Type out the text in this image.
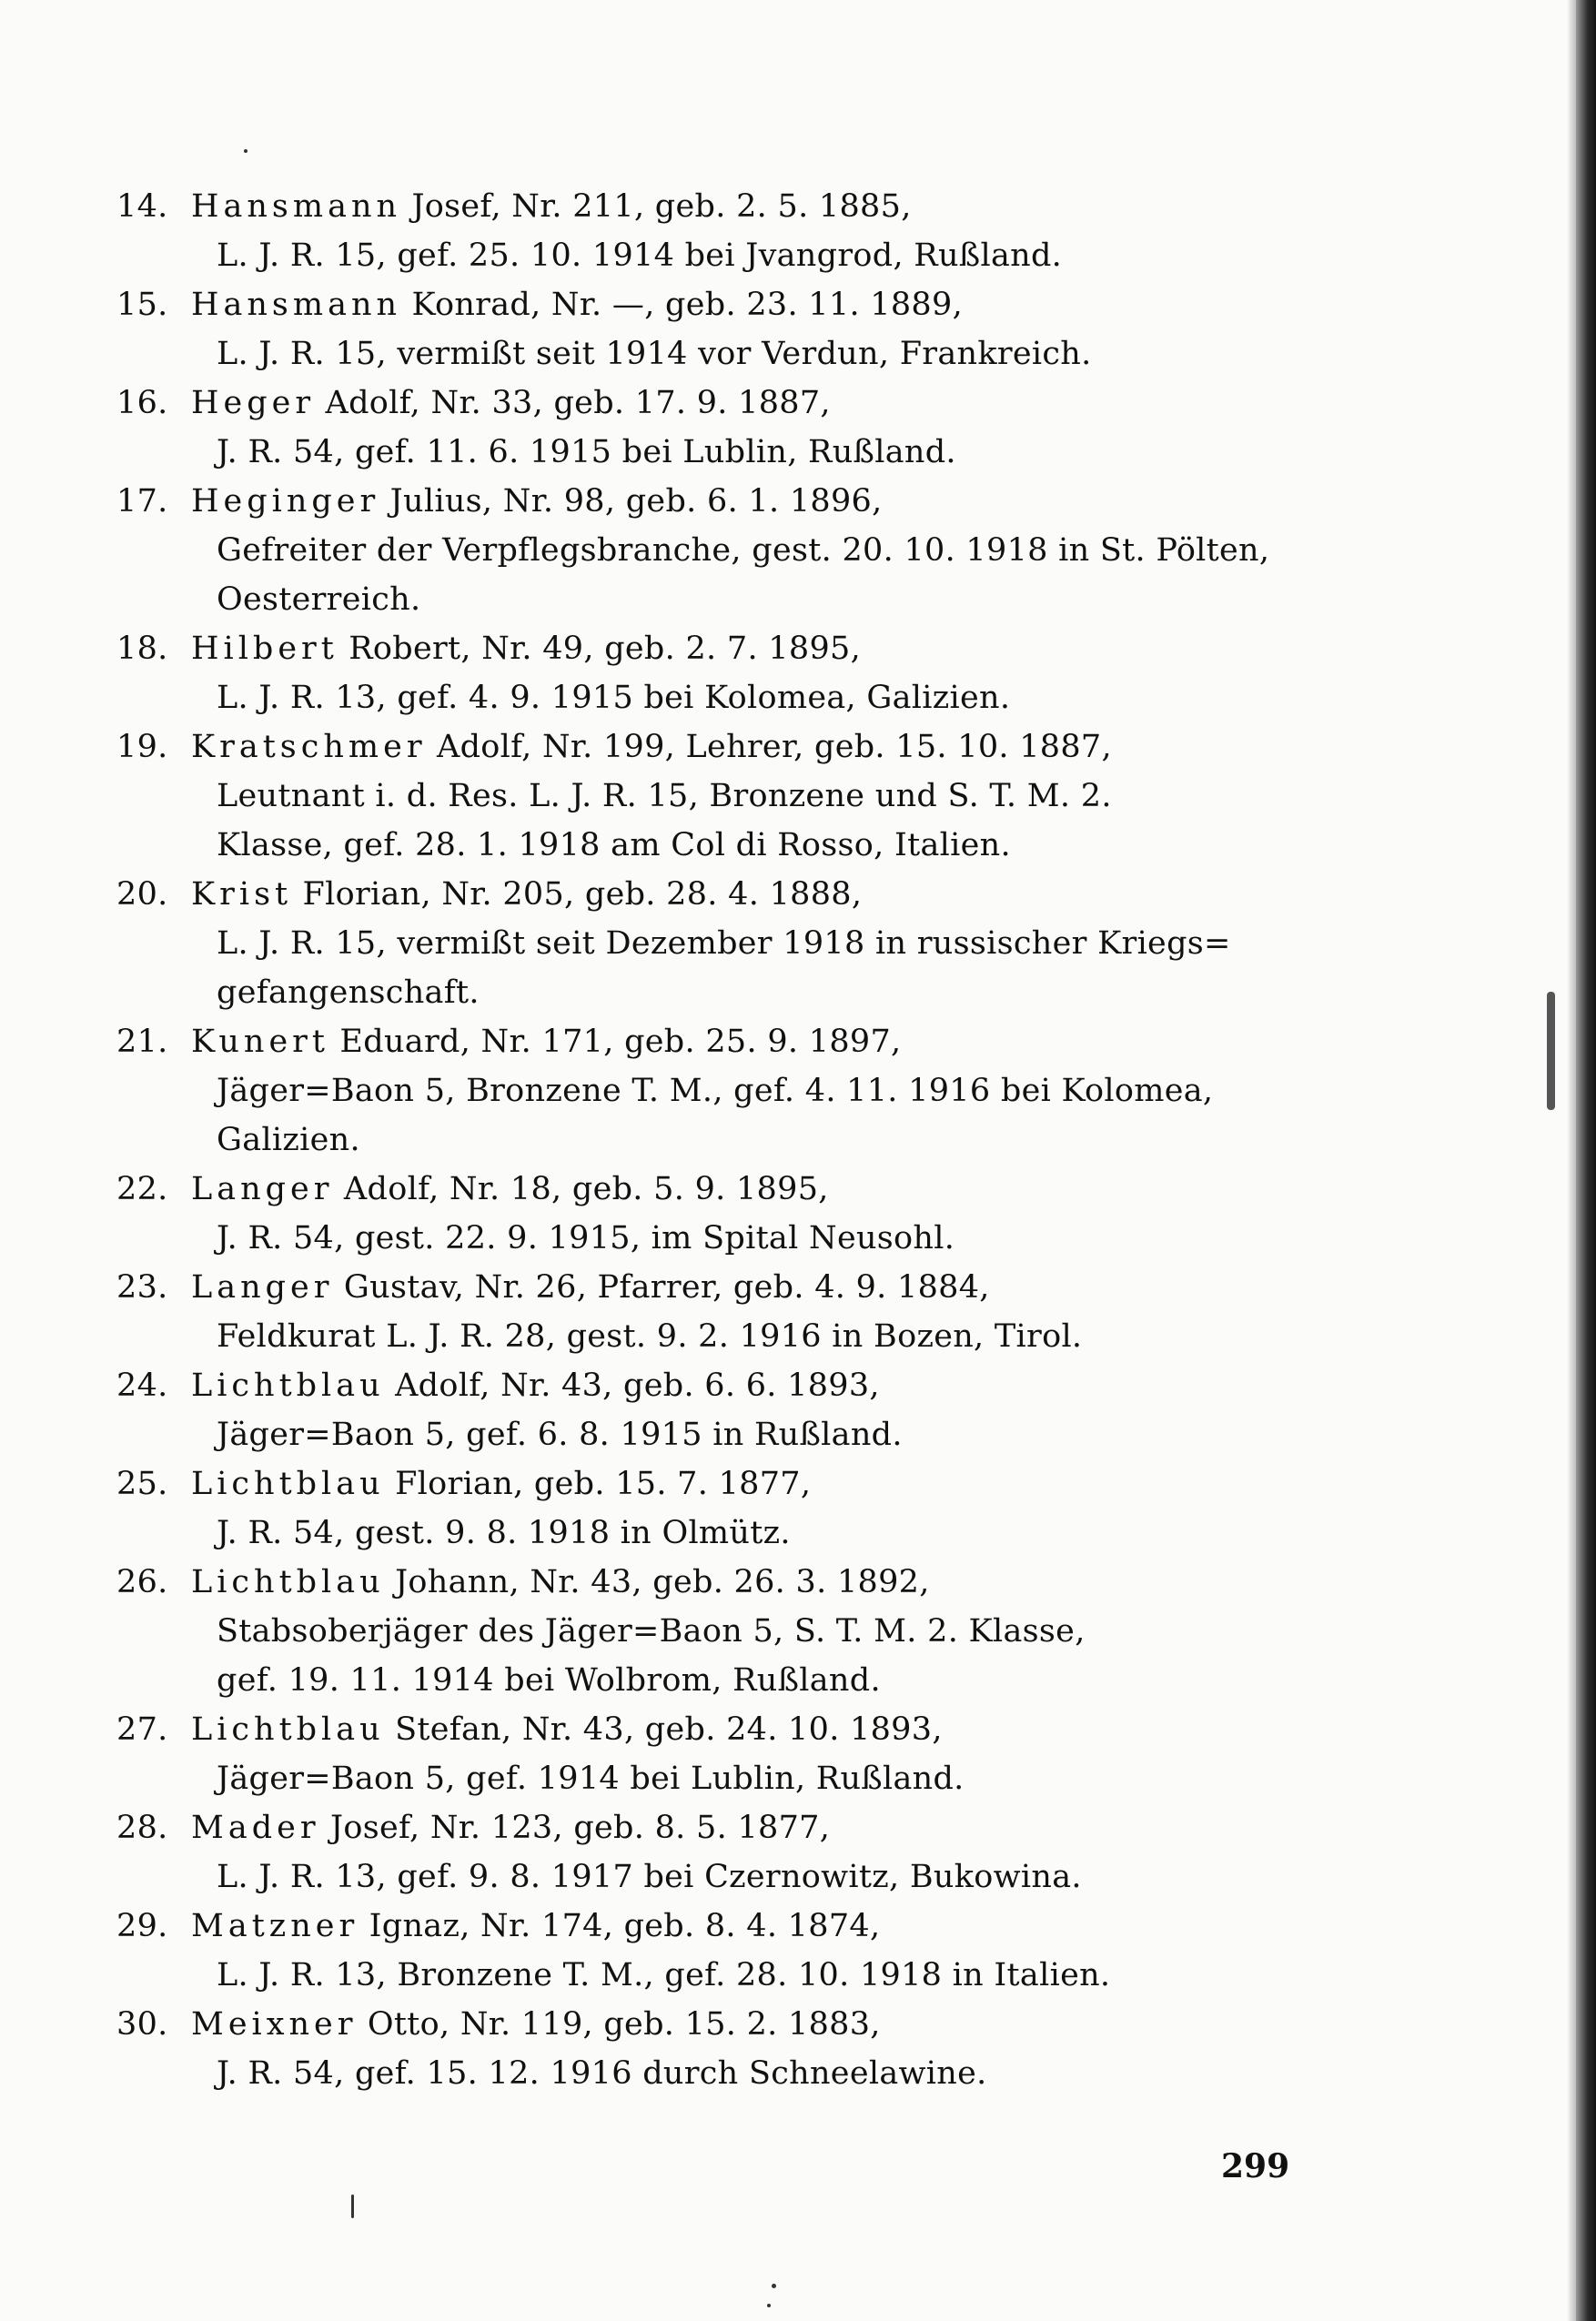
14. Hansmann Josef, Nr. 211, geb. 2. 5. 1885,
L. J. R. 15, gef. 25. 10. 1914 bei Jvangrod, Rußland.
15. Hansmann Konrad, Nr. —, geb. 23. 11. 1889,
L. J. R. 15, vermißt seit 1914 vor Verdun, Frankreich.
16. Heger Adolf, Nr. 33, geb. 17. 9. 1887,
J. R. 54, gef. 11. 6. 1915 bei Lublin, Rußland.
17. Heginger Julius, Nr. 98, geb. 6. 1. 1896,
Gefreiter der Verpflegsbranche, gest. 20. 10. 1918 in St. Pölten,
Oesterreich.
18. Hilbert Robert, Nr. 49, geb. 2. 7. 1895,
L. J. R. 13, gef. 4. 9. 1915 bei Kolomea, Galizien.
19. Kratschmer Adolf, Nr. 199, Lehrer, geb. 15. 10. 1887,
Leutnant i. d. Res. L. J. R. 15, Bronzene und S. T. M. 2.
Klasse, gef. 28. 1. 1918 am Col di Rosso, Italien.
20. Krist Florian, Nr. 205, geb. 28. 4. 1888,
L. J. R. 15, vermißt seit Dezember 1918 in russischer Kriegs=
gefangenschaft.
21. Kunert Eduard, Nr. 171, geb. 25. 9. 1897,
Jäger=Baon 5, Bronzene T. M., gef. 4. 11. 1916 bei Kolomea,
Galizien.
22. Langer Adolf, Nr. 18, geb. 5. 9. 1895,
J. R. 54, gest. 22. 9. 1915, im Spital Neusohl.
23. Langer Gustav, Nr. 26, Pfarrer, geb. 4. 9. 1884,
Feldkurat L. J. R. 28, gest. 9. 2. 1916 in Bozen, Tirol.
24. Lichtblau Adolf, Nr. 43, geb. 6. 6. 1893,
Jäger=Baon 5, gef. 6. 8. 1915 in Rußland.
25. Lichtblau Florian, geb. 15. 7. 1877,
J. R. 54, gest. 9. 8. 1918 in Olmütz.
26. Lichtblau Johann, Nr. 43, geb. 26. 3. 1892,
Stabsoberjäger des Jäger=Baon 5, S. T. M. 2. Klasse,
gef. 19. 11. 1914 bei Wolbrom, Rußland.
27. Lichtblau Stefan, Nr. 43, geb. 24. 10. 1893,
Jäger=Baon 5, gef. 1914 bei Lublin, Rußland.
28. Mader Josef, Nr. 123, geb. 8. 5. 1877,
L. J. R. 13, gef. 9. 8. 1917 bei Czernowitz, Bukowina.
29. Matzner Ignaz, Nr. 174, geb. 8. 4. 1874,
L. J. R. 13, Bronzene T. M., gef. 28. 10. 1918 in Italien.
30. Meixner Otto, Nr. 119, geb. 15. 2. 1883,
J. R. 54, gef. 15. 12. 1916 durch Schneelawine.
299
